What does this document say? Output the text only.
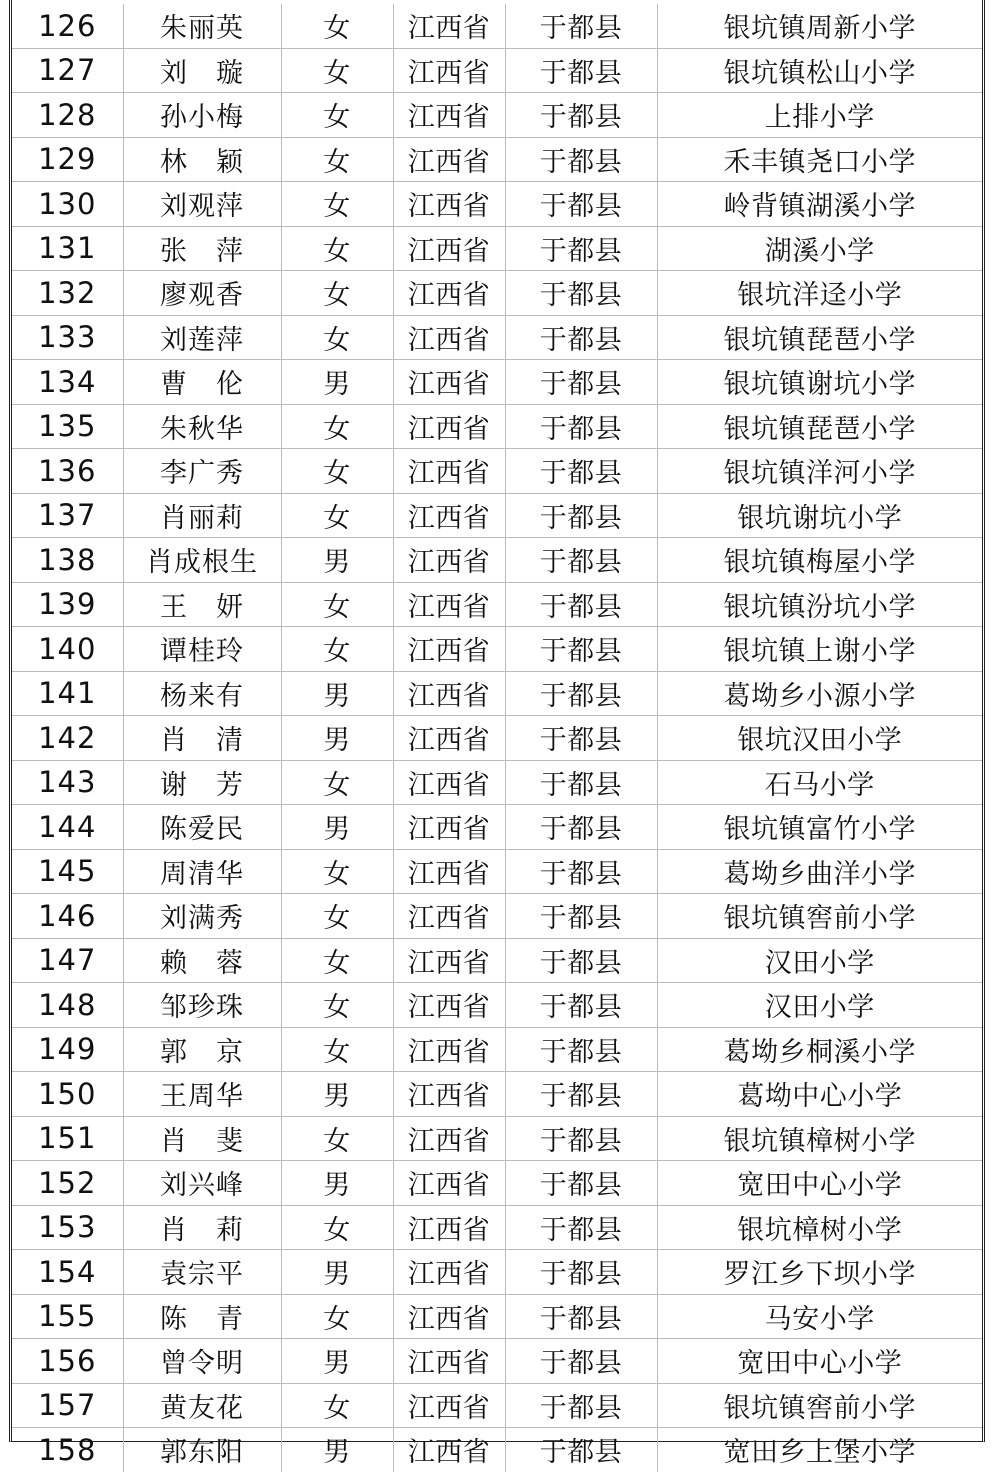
126	朱丽英	女	江西省	于都县	银坑镇周新小学
127	刘　璇	女	江西省	于都县	银坑镇松山小学
128	孙小梅	女	江西省	于都县	上排小学
129	林　颖	女	江西省	于都县	禾丰镇尧口小学
130	刘观萍	女	江西省	于都县	岭背镇湖溪小学
131	张　萍	女	江西省	于都县	湖溪小学
132	廖观香	女	江西省	于都县	银坑洋迳小学
133	刘莲萍	女	江西省	于都县	银坑镇琵琶小学
134	曹　伦	男	江西省	于都县	银坑镇谢坑小学
135	朱秋华	女	江西省	于都县	银坑镇琵琶小学
136	李广秀	女	江西省	于都县	银坑镇洋河小学
137	肖丽莉	女	江西省	于都县	银坑谢坑小学
138	肖成根生	男	江西省	于都县	银坑镇梅屋小学
139	王　妍	女	江西省	于都县	银坑镇汾坑小学
140	谭桂玲	女	江西省	于都县	银坑镇上谢小学
141	杨来有	男	江西省	于都县	葛坳乡小源小学
142	肖　清	男	江西省	于都县	银坑汉田小学
143	谢　芳	女	江西省	于都县	石马小学
144	陈爱民	男	江西省	于都县	银坑镇富竹小学
145	周清华	女	江西省	于都县	葛坳乡曲洋小学
146	刘满秀	女	江西省	于都县	银坑镇窖前小学
147	赖　蓉	女	江西省	于都县	汉田小学
148	邹珍珠	女	江西省	于都县	汉田小学
149	郭　京	女	江西省	于都县	葛坳乡桐溪小学
150	王周华	男	江西省	于都县	葛坳中心小学
151	肖　斐	女	江西省	于都县	银坑镇樟树小学
152	刘兴峰	男	江西省	于都县	宽田中心小学
153	肖　莉	女	江西省	于都县	银坑樟树小学
154	袁宗平	男	江西省	于都县	罗江乡下坝小学
155	陈　青	女	江西省	于都县	马安小学
156	曾令明	男	江西省	于都县	宽田中心小学
157	黄友花	女	江西省	于都县	银坑镇窖前小学
158	郭东阳	男	江西省	于都县	宽田乡上堡小学
